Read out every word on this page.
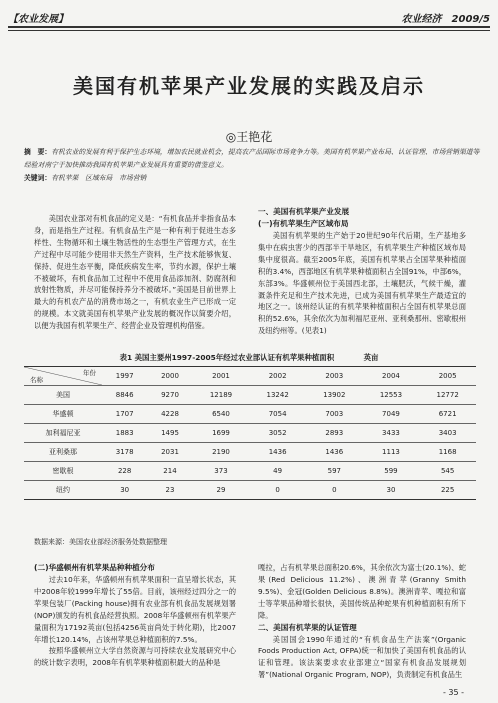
【农业发展】	农业经济　2009/5
美国有机苹果产业发展的实践及启示
◎王艳花
摘　要：有机农业的发展有利于保护生态环境，增加农民就业机会，提高农产品国际市场竞争力等。美国有机苹果产业布局、认证管理、市场营销渠道等经验对南宁于加快推动我国有机苹果产业发展具有重要的借鉴意义。
关键词：有机苹果　区域布局　市场营销

美国农业部对有机食品的定义是：“有机食品并非指食品本身，而是指生产过程。有机食品生产是一种有利于促进生态多样性、生物循环和土壤生物活性的生态型生产管理方式，在生产过程中尽可能少使用非天然生产资料，生产技术能够恢复、保持、促进生态平衡，降低疾病发生率，节约水源，保护土壤不被破坏，有机食品加工过程中不使用食品添加剂、防腐剂和放射性物质，并尽可能保持养分不被破坏。”美国是目前世界上最大的有机农产品的消费市场之一，有机农业生产已形成一定的规模。本文就美国有机苹果产业发展的概况作以简要介绍，以便为我国有机苹果生产、经营企业及管理机构借鉴。

一、美国有机苹果产业发展
(一)有机苹果生产区域布局

美国有机苹果的生产始于20世纪90年代后期，生产基地多集中在病虫害少的西部半干旱地区，有机苹果生产种植区域布局集中度很高。截至2005年底，美国有机苹果占全国苹果种植面积的3.4%，西部地区有机苹果种植面积占全国91%，中部6%，东部3%。华盛顿州位于美国西北部，土壤肥沃，气候干燥，灌溉条件充足和生产技术先进，已成为美国有机苹果生产最适宜的地区之一。该州经认证的有机苹果种植面积占全国有机苹果总面积的52.6%，其余依次为加利福尼亚州、亚利桑那州、密歇根州及纽约州等。(见表1)

表1 美国主要州1997-2005年经过农业部认证有机苹果种植面积　　　　英亩
年份
名称	1997	2000	2001	2002	2003	2004	2005
美国	8846	9270	12189	13242	13902	12553	12772
华盛顿	1707	4228	6540	7054	7003	7049	6721
加利福尼亚	1883	1495	1699	3052	2893	3433	3403
亚利桑那	3178	2031	2190	1436	1436	1113	1168
密歇根	228	214	373	49	597	599	545
纽约	30	23	29	0	0	30	225
数据来源：美国农业部经济服务处数据整理
(二)华盛顿州有机苹果品种种植分布

过去10年来，华盛顿州有机苹果面积一直呈增长状态，其中2008年较1999年增长了55倍。目前，该州经过四分之一的苹果包装厂(Packing house)拥有农业部有机食品发展规划署(NOP)颁发的有机食品经营执照。2008年华盛顿州有机苹果产量面积为17192英亩(包括4256英亩尚处于转化期)，比2007年增长120.14%，占该州苹果总种植面积的7.5%。

按照华盛顿州立大学自然资源与可持续农业发展研究中心的统计数字表明，2008年有机苹果种植面积最大的品种是

嘎拉，占有机苹果总面积20.6%，其余依次为富士(20.1%)、蛇果(Red Delicious 11.2%)、澳洲青苹(Granny Smith 9.5%)、金冠(Golden Delicious 8.8%)。澳洲青苹、嘎拉和富士等苹果品种增长很快，美国传统品种蛇果有机种植面积有所下降。

二、美国有机苹果的认证管理

美国国会1990年通过的“有机食品生产法案”(Organic Foods Production Act, OFPA)统一和加快了美国有机食品的认证和管理。该法案要求农业部建立“国家有机食品发展规划署”(National Organic Program, NOP)，负责制定有机食品生

- 35 -
